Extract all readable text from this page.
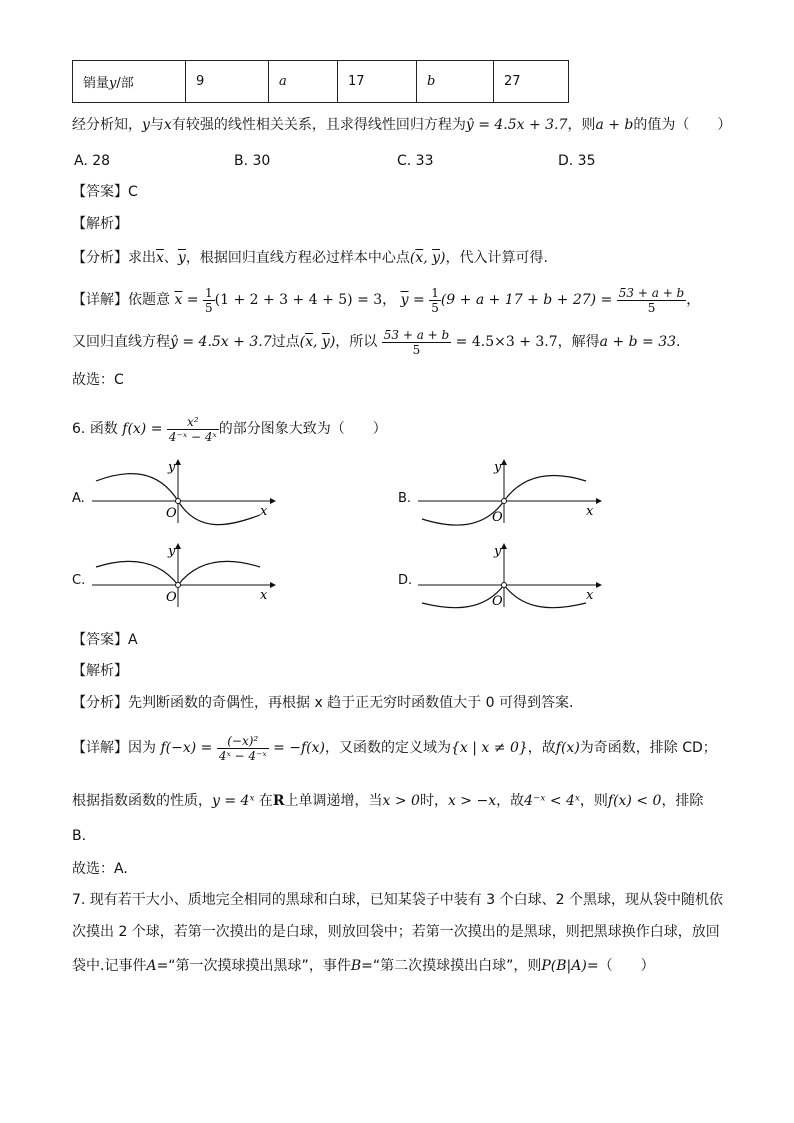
销量y/部	9	a	17	b	27
经分析知，y与x有较强的线性相关关系，且求得线性回归方程为ŷ = 4.5x + 3.7，则a + b的值为（　　）
A. 28	B. 30	C. 33	D. 35
【答案】C
【解析】
【分析】求出$\overline{x}$、$\overline{y}$，根据回归直线方程必过样本中心点($\overline{x}$, $\overline{y}$)，代入计算可得.
【详解】依题意 $\overline{x} = \frac{1}{5} (1 + 2 + 3 + 4 + 5) = 3$， $\overline{y} = \frac{1}{5} (9 + a + 17 + b + 27) = \frac{53 + a + b}{5}$ ，
又回归直线方程ŷ = 4.5x + 3.7过点($\overline{x}$, $\overline{y}$)，所以 $\frac{53 + a + b}{5} = 4.5\times 3 + 3.7$，解得a + b = 33.
故选：C
6. 函数 $f(x) = \frac{\text{x²}}{\text{4⁻ˣ − 4ˣ}}$ 的部分图象大致为（　　）
A.
O	x
y
B.
O	x
y
C.
O	x
y
D.
O	x
y
【答案】A
【解析】
【分析】先判断函数的奇偶性，再根据 x 趋于正无穷时函数值大于 0 可得到答案.
【详解】因为 $f(-x) = \frac{\text{(−x)²}}{\text{4ˣ − 4⁻ˣ}} = -f(x)$，又函数的定义域为{x | x ≠ 0}，故f(x)为奇函数，排除 CD；
根据指数函数的性质，y = 4ˣ 在R上单调递增，当x > 0时，x > −x，故4⁻ˣ < 4ˣ，则f(x) < 0，排除
B.
故选：A.
7. 现有若干大小、质地完全相同的黑球和白球，已知某袋子中装有 3 个白球、2 个黑球，现从袋中随机依
次摸出 2 个球，若第一次摸出的是白球，则放回袋中；若第一次摸出的是黑球，则把黑球换作白球，放回
袋中.记事件A=“第一次摸球摸出黑球”，事件B=“第二次摸球摸出白球”，则P(B|A)=（　　）
